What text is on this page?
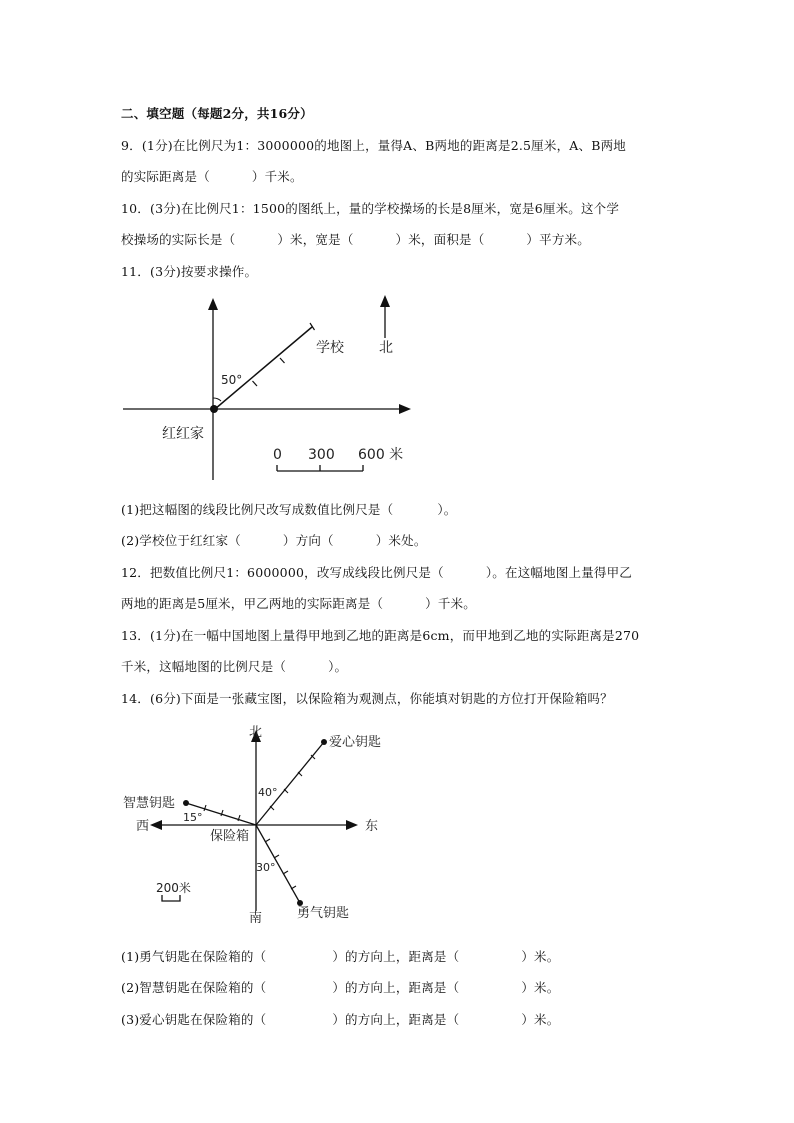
二、填空题（每题2分，共16分）
9．(1分)在比例尺为1：3000000的地图上，量得A、B两地的距离是2.5厘米，A、B两地
的实际距离是（	）千米。
10．(3分)在比例尺1：1500的图纸上，量的学校操场的长是8厘米，宽是6厘米。这个学
校操场的实际长是（	）米，宽是（	）米，面积是（	）平方米。
11．(3分)按要求操作。
50°
学校	北
红红家
0 300 600 米
(1)把这幅图的线段比例尺改写成数值比例尺是（	）。
(2)学校位于红红家（	）方向（	）米处。
12．把数值比例尺1：6000000，改写成线段比例尺是（	）。在这幅地图上量得甲乙
两地的距离是5厘米，甲乙两地的实际距离是（	）千米。
13．(1分)在一幅中国地图上量得甲地到乙地的距离是6cm，而甲地到乙地的实际距离是270
千米，这幅地图的比例尺是（	）。
14．(6分)下面是一张藏宝图，以保险箱为观测点，你能填对钥匙的方位打开保险箱吗？
北
南
东
西
保险箱
爱心钥匙
智慧钥匙
勇气钥匙
40°
15°
30°
200米
(1)勇气钥匙在保险箱的（	）的方向上，距离是（	）米。
(2)智慧钥匙在保险箱的（	）的方向上，距离是（	）米。
(3)爱心钥匙在保险箱的（	）的方向上，距离是（	）米。
